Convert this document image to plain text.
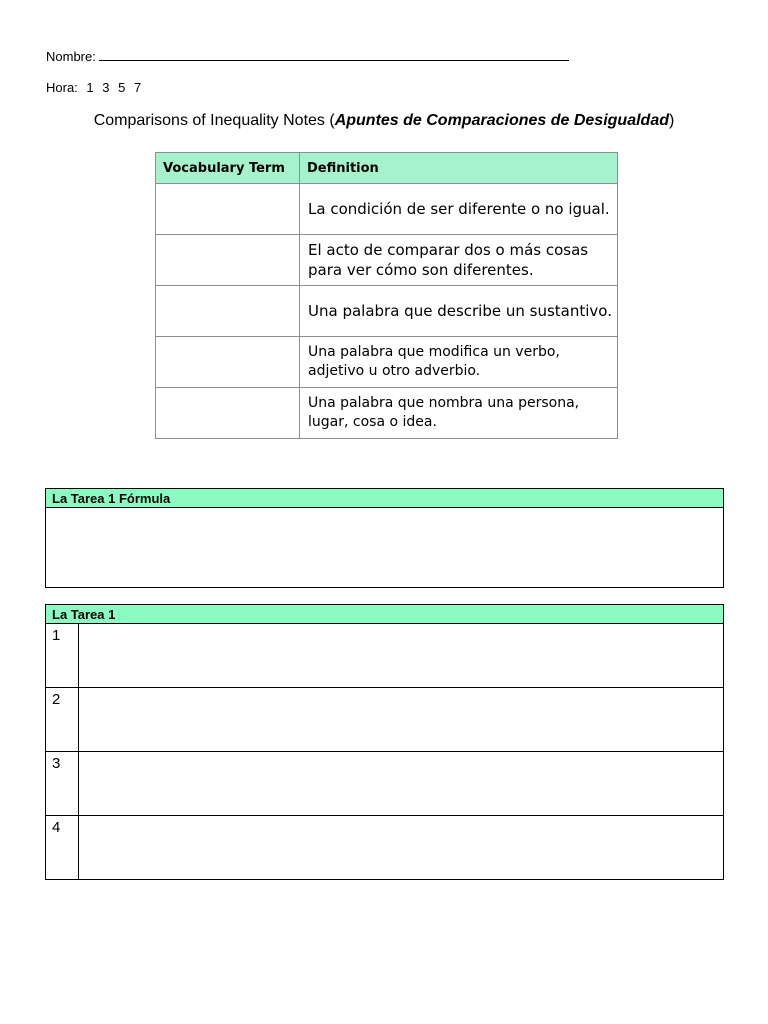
Nombre:
Hora: 1 3 5 7
Comparisons of Inequality Notes (Apuntes de Comparaciones de Desigualdad)
Vocabulary Term	Definition
	La condición de ser diferente o no igual.
	El acto de comparar dos o más cosas para ver cómo son diferentes.
	Una palabra que describe un sustantivo.
	Una palabra que modifica un verbo, adjetivo u otro adverbio.
	Una palabra que nombra una persona, lugar, cosa o idea.
La Tarea 1 Fórmula

La Tarea 1	
1	
2	
3	
4	
